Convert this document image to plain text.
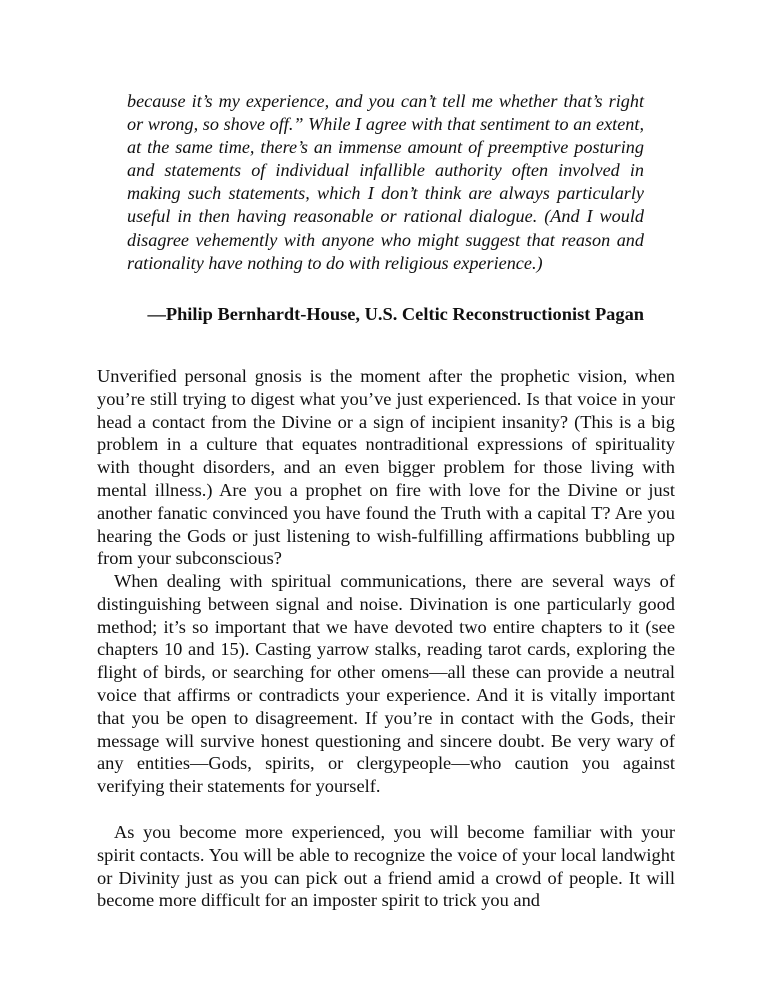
because it’s my experience, and you can’t tell me whether that’s right or wrong, so shove off.” While I agree with that sentiment to an extent, at the same time, there’s an immense amount of preemptive posturing and statements of individual infallible authority often involved in making such statements, which I don’t think are always particularly useful in then having reasonable or rational dialogue. (And I would disagree vehemently with anyone who might suggest that reason and rationality have nothing to do with religious experience.)

—Philip Bernhardt-House, U.S. Celtic Reconstructionist Pagan

Unverified personal gnosis is the moment after the prophetic vision, when you’re still trying to digest what you’ve just experienced. Is that voice in your head a contact from the Divine or a sign of incipient insanity? (This is a big problem in a culture that equates nontraditional expressions of spirituality with thought disorders, and an even bigger problem for those living with mental illness.) Are you a prophet on fire with love for the Divine or just another fanatic convinced you have found the Truth with a capital T? Are you hearing the Gods or just listening to wish-fulfilling affirmations bubbling up from your subconscious?

When dealing with spiritual communications, there are several ways of distinguishing between signal and noise. Divination is one particularly good method; it’s so important that we have devoted two entire chapters to it (see chapters 10 and 15). Casting yarrow stalks, reading tarot cards, exploring the flight of birds, or searching for other omens—all these can provide a neutral voice that affirms or contradicts your experience. And it is vitally important that you be open to disagreement. If you’re in contact with the Gods, their message will survive honest questioning and sincere doubt. Be very wary of any entities—Gods, spirits, or clergypeople—who caution you against verifying their statements for yourself.

As you become more experienced, you will become familiar with your spirit contacts. You will be able to recognize the voice of your local landwight or Divinity just as you can pick out a friend amid a crowd of people. It will become more difficult for an imposter spirit to trick you and
